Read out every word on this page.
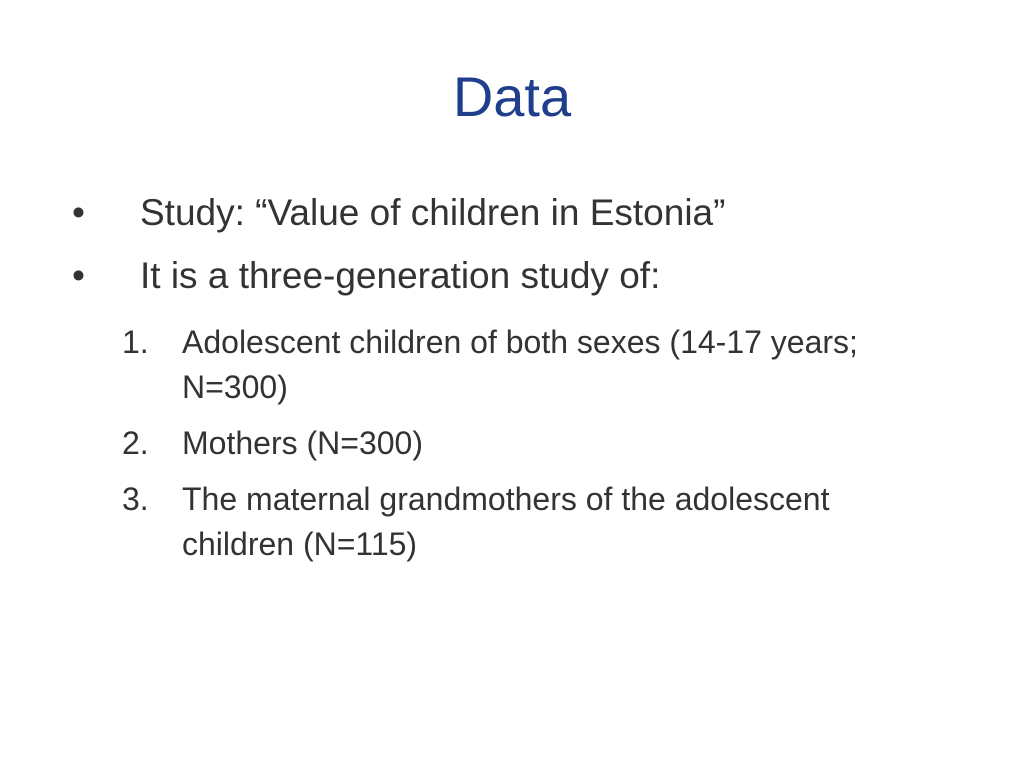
Data
• Study: “Value of children in Estonia”
• It is a three-generation study of:
1. Adolescent children of both sexes (14-17 years; N=300)
2. Mothers (N=300)
3. The maternal grandmothers of the adolescent children (N=115)
